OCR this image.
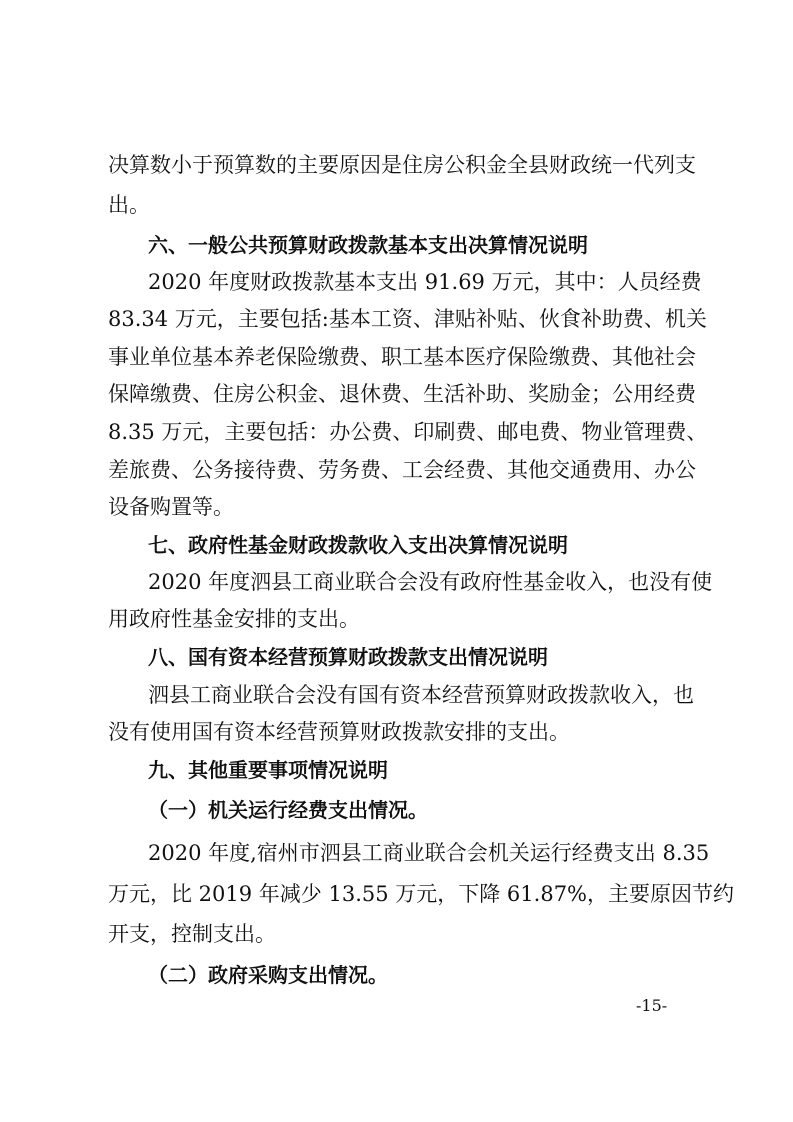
决算数小于预算数的主要原因是住房公积金全县财政统一代列支
出。
六、一般公共预算财政拨款基本支出决算情况说明
2020 年度财政拨款基本支出 91.69 万元，其中：人员经费
83.34 万元，主要包括:基本工资、津贴补贴、伙食补助费、机关
事业单位基本养老保险缴费、职工基本医疗保险缴费、其他社会
保障缴费、住房公积金、退休费、生活补助、奖励金；公用经费
8.35 万元，主要包括：办公费、印刷费、邮电费、物业管理费、
差旅费、公务接待费、劳务费、工会经费、其他交通费用、办公
设备购置等。
七、政府性基金财政拨款收入支出决算情况说明
2020 年度泗县工商业联合会没有政府性基金收入，也没有使
用政府性基金安排的支出。
八、国有资本经营预算财政拨款支出情况说明
泗县工商业联合会没有国有资本经营预算财政拨款收入，也
没有使用国有资本经营预算财政拨款安排的支出。
九、其他重要事项情况说明
（一）机关运行经费支出情况。
2020 年度,宿州市泗县工商业联合会机关运行经费支出 8.35
万元，比 2019 年减少 13.55 万元，下降 61.87%，主要原因节约
开支，控制支出。
（二）政府采购支出情况。
-15-
